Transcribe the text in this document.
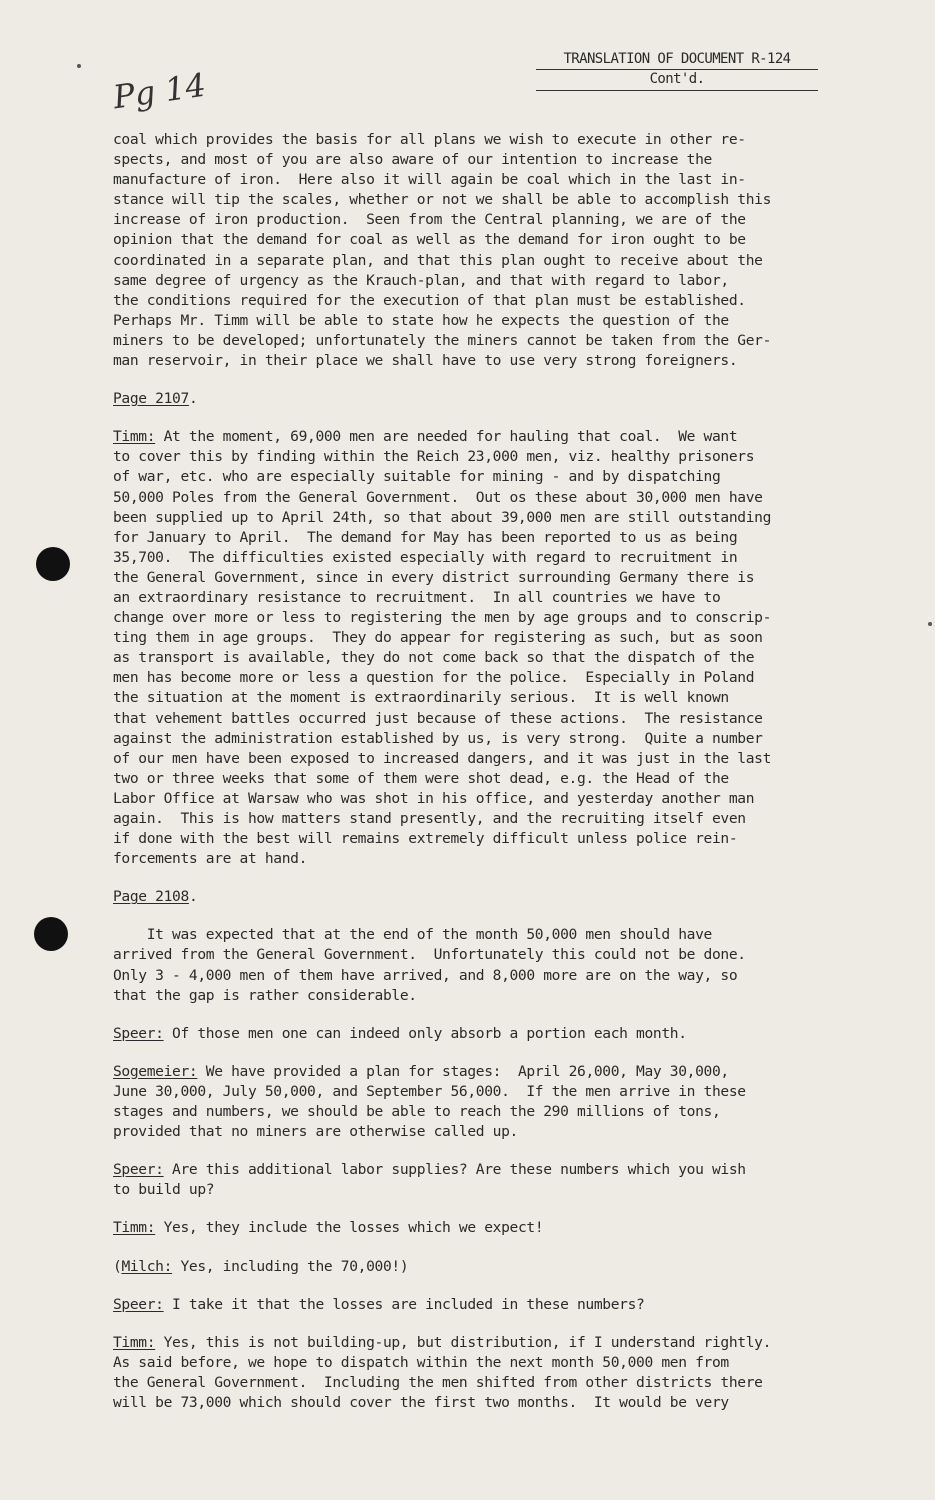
TRANSLATION OF DOCUMENT R-124
Cont'd.
Pg 14
coal which provides the basis for all plans we wish to execute in other re-
spects, and most of you are also aware of our intention to increase the
manufacture of iron.  Here also it will again be coal which in the last in-
stance will tip the scales, whether or not we shall be able to accomplish this
increase of iron production.  Seen from the Central planning, we are of the
opinion that the demand for coal as well as the demand for iron ought to be
coordinated in a separate plan, and that this plan ought to receive about the
same degree of urgency as the Krauch-plan, and that with regard to labor,
the conditions required for the execution of that plan must be established.
Perhaps Mr. Timm will be able to state how he expects the question of the
miners to be developed; unfortunately the miners cannot be taken from the Ger-
man reservoir, in their place we shall have to use very strong foreigners.
Page 2107.
Timm: At the moment, 69,000 men are needed for hauling that coal.  We want
to cover this by finding within the Reich 23,000 men, viz. healthy prisoners
of war, etc. who are especially suitable for mining - and by dispatching
50,000 Poles from the General Government.  Out os these about 30,000 men have
been supplied up to April 24th, so that about 39,000 men are still outstanding
for January to April.  The demand for May has been reported to us as being
35,700.  The difficulties existed especially with regard to recruitment in
the General Government, since in every district surrounding Germany there is
an extraordinary resistance to recruitment.  In all countries we have to
change over more or less to registering the men by age groups and to conscrip-
ting them in age groups.  They do appear for registering as such, but as soon
as transport is available, they do not come back so that the dispatch of the
men has become more or less a question for the police.  Especially in Poland
the situation at the moment is extraordinarily serious.  It is well known
that vehement battles occurred just because of these actions.  The resistance
against the administration established by us, is very strong.  Quite a number
of our men have been exposed to increased dangers, and it was just in the last
two or three weeks that some of them were shot dead, e.g. the Head of the
Labor Office at Warsaw who was shot in his office, and yesterday another man
again.  This is how matters stand presently, and the recruiting itself even
if done with the best will remains extremely difficult unless police rein-
forcements are at hand.
Page 2108.
It was expected that at the end of the month 50,000 men should have
arrived from the General Government.  Unfortunately this could not be done.
Only 3 - 4,000 men of them have arrived, and 8,000 more are on the way, so
that the gap is rather considerable.
Speer: Of those men one can indeed only absorb a portion each month.
Sogemeier: We have provided a plan for stages:  April 26,000, May 30,000,
June 30,000, July 50,000, and September 56,000.  If the men arrive in these
stages and numbers, we should be able to reach the 290 millions of tons,
provided that no miners are otherwise called up.
Speer: Are this additional labor supplies? Are these numbers which you wish
to build up?
Timm: Yes, they include the losses which we expect!
(Milch: Yes, including the 70,000!)
Speer: I take it that the losses are included in these numbers?
Timm: Yes, this is not building-up, but distribution, if I understand rightly.
As said before, we hope to dispatch within the next month 50,000 men from
the General Government.  Including the men shifted from other districts there
will be 73,000 which should cover the first two months.  It would be very
